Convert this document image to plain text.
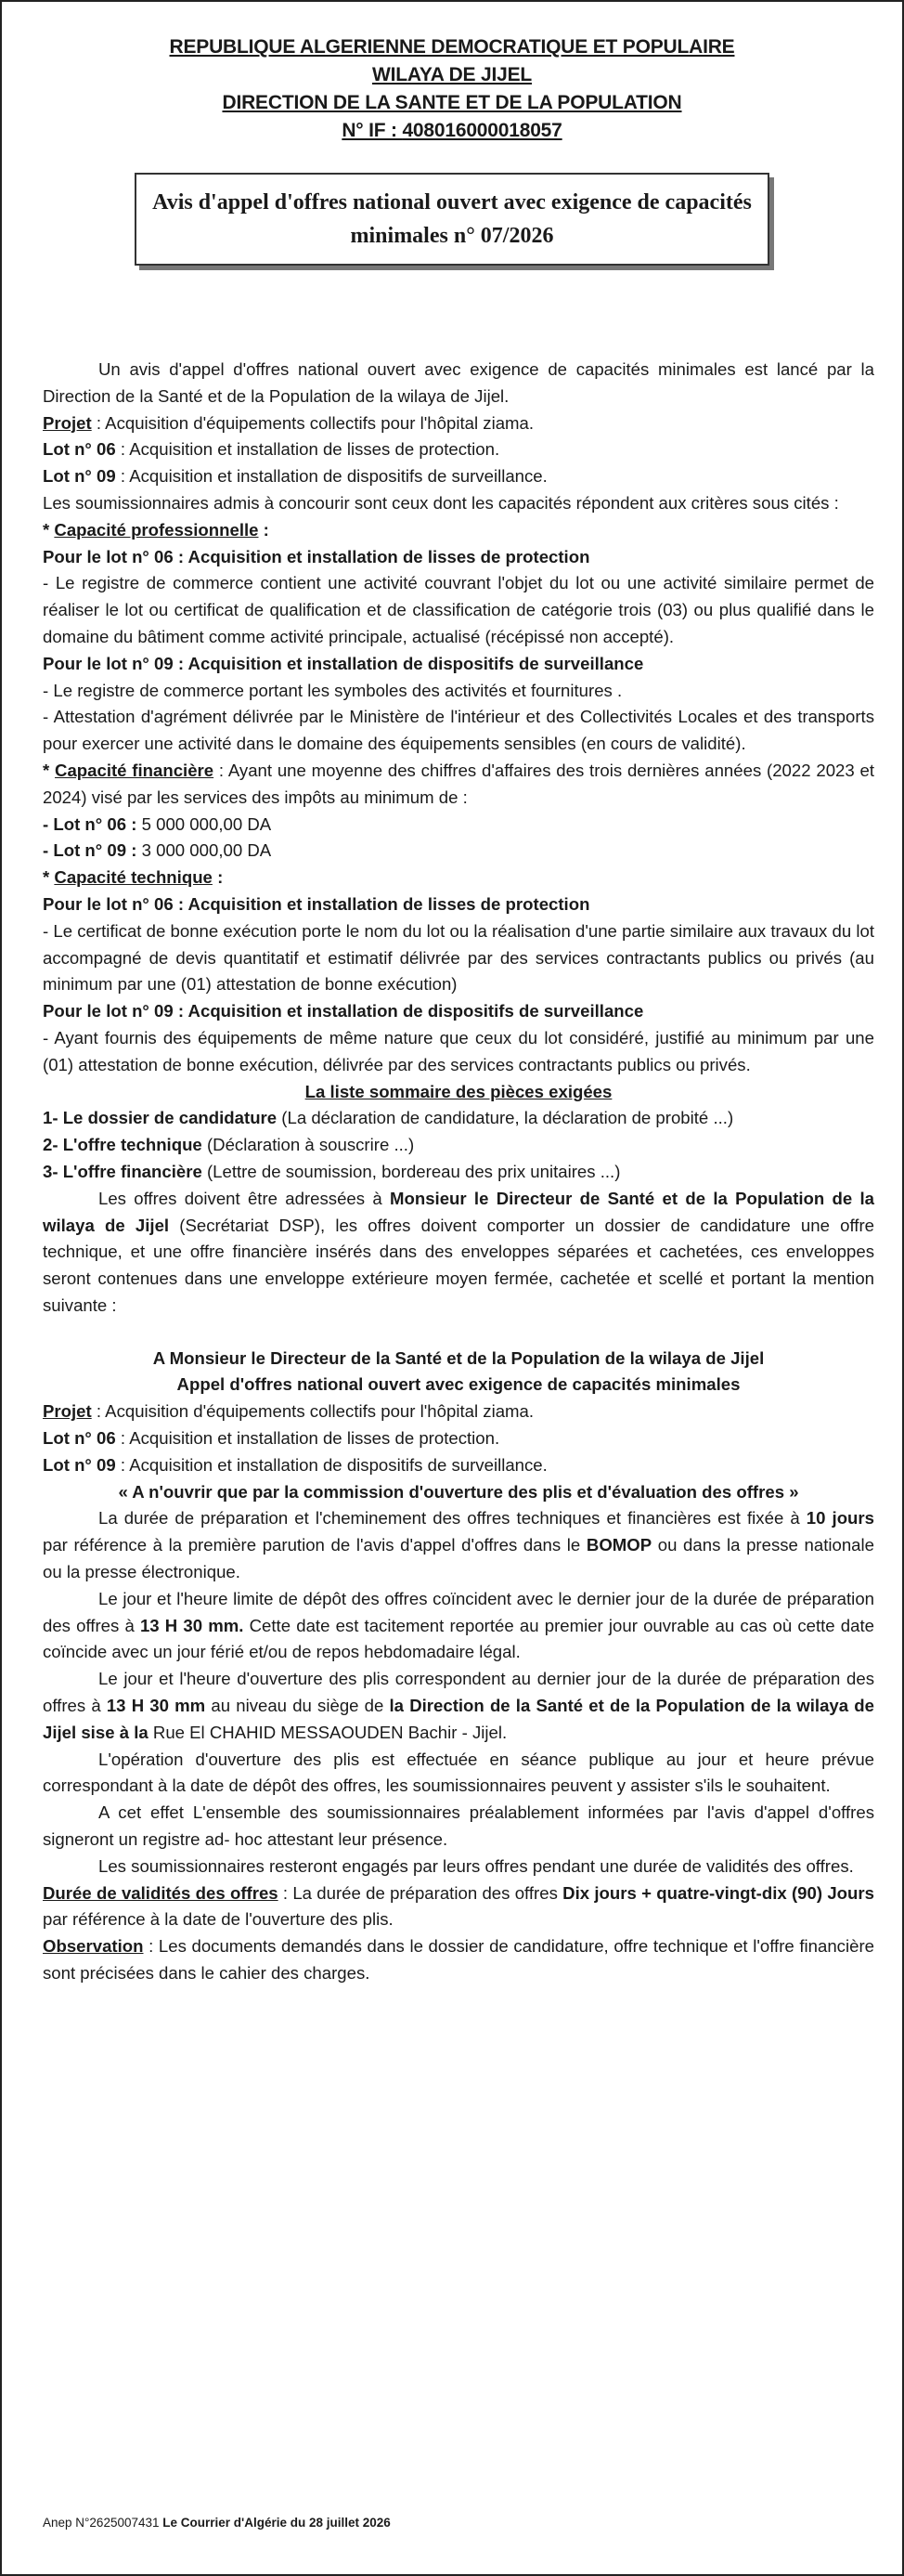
REPUBLIQUE ALGERIENNE DEMOCRATIQUE ET POPULAIRE
WILAYA DE JIJEL
DIRECTION DE LA SANTE ET DE LA POPULATION
N° IF : 408016000018057
Avis d'appel d'offres national ouvert avec exigence de capacités
minimales n° 07/2026

Un avis d'appel d'offres national ouvert avec exigence de capacités minimales est lancé par la Direction de la Santé et de la Population de la wilaya de Jijel.

Projet : Acquisition d'équipements collectifs pour l'hôpital ziama.

Lot n° 06 : Acquisition et installation de lisses de protection.

Lot n° 09 : Acquisition et installation de dispositifs de surveillance.

Les soumissionnaires admis à concourir sont ceux dont les capacités répondent aux critères sous cités :

* Capacité professionnelle :

Pour le lot n° 06 : Acquisition et installation de lisses de protection

- Le registre de commerce contient une activité couvrant l'objet du lot ou une activité similaire permet de réaliser le lot ou certificat de qualification et de classification de catégorie trois (03) ou plus qualifié dans le domaine du bâtiment comme activité principale, actualisé (récépissé non accepté).

Pour le lot n° 09 : Acquisition et installation de dispositifs de surveillance

- Le registre de commerce portant les symboles des activités et fournitures .

- Attestation d'agrément délivrée par le Ministère de l'intérieur et des Collectivités Locales et des transports pour exercer une activité dans le domaine des équipements sensibles (en cours de validité).

* Capacité financière : Ayant une moyenne des chiffres d'affaires des trois dernières années (2022 2023 et 2024) visé par les services des impôts au minimum de :

- Lot n° 06 : 5 000 000,00 DA

- Lot n° 09 : 3 000 000,00 DA

* Capacité technique :

Pour le lot n° 06 : Acquisition et installation de lisses de protection

- Le certificat de bonne exécution porte le nom du lot ou la réalisation d'une partie similaire aux travaux du lot accompagné de devis quantitatif et estimatif délivrée par des services contractants publics ou privés (au minimum par une (01) attestation de bonne exécution)

Pour le lot n° 09 : Acquisition et installation de dispositifs de surveillance

- Ayant fournis des équipements de même nature que ceux du lot considéré, justifié au minimum par une (01) attestation de bonne exécution, délivrée par des services contractants publics ou privés.

La liste sommaire des pièces exigées

1- Le dossier de candidature (La déclaration de candidature, la déclaration de probité ...)

2- L'offre technique (Déclaration à souscrire ...)

3- L'offre financière (Lettre de soumission, bordereau des prix unitaires ...)

Les offres doivent être adressées à Monsieur le Directeur de Santé et de la Population de la wilaya de Jijel (Secrétariat DSP), les offres doivent comporter un dossier de candidature une offre technique, et une offre financière insérés dans des enveloppes séparées et cachetées, ces enveloppes seront contenues dans une enveloppe extérieure moyen fermée, cachetée et scellé et portant la mention suivante :

A Monsieur le Directeur de la Santé et de la Population de la wilaya de Jijel

Appel d'offres national ouvert avec exigence de capacités minimales

Projet : Acquisition d'équipements collectifs pour l'hôpital ziama.

Lot n° 06 : Acquisition et installation de lisses de protection.

Lot n° 09 : Acquisition et installation de dispositifs de surveillance.

« A n'ouvrir que par la commission d'ouverture des plis et d'évaluation des offres »

La durée de préparation et l'cheminement des offres techniques et financières est fixée à 10 jours par référence à la première parution de l'avis d'appel d'offres dans le BOMOP ou dans la presse nationale ou la presse électronique.

Le jour et l'heure limite de dépôt des offres coïncident avec le dernier jour de la durée de préparation des offres à 13 H 30 mm. Cette date est tacitement reportée au premier jour ouvrable au cas où cette date coïncide avec un jour férié et/ou de repos hebdomadaire légal.

Le jour et l'heure d'ouverture des plis correspondent au dernier jour de la durée de préparation des offres à 13 H 30 mm au niveau du siège de la Direction de la Santé et de la Population de la wilaya de Jijel sise à la Rue El CHAHID MESSAOUDEN Bachir - Jijel.

L'opération d'ouverture des plis est effectuée en séance publique au jour et heure prévue correspondant à la date de dépôt des offres, les soumissionnaires peuvent y assister s'ils le souhaitent.

A cet effet L'ensemble des soumissionnaires préalablement informées par l'avis d'appel d'offres signeront un registre ad- hoc attestant leur présence.

Les soumissionnaires resteront engagés par leurs offres pendant une durée de validités des offres.

Durée de validités des offres : La durée de préparation des offres Dix jours + quatre-vingt-dix (90) Jours par référence à la date de l'ouverture des plis.

Observation : Les documents demandés dans le dossier de candidature, offre technique et l'offre financière sont précisées dans le cahier des charges.

Anep N°2625007431 Le Courrier d'Algérie du 28 juillet 2026
